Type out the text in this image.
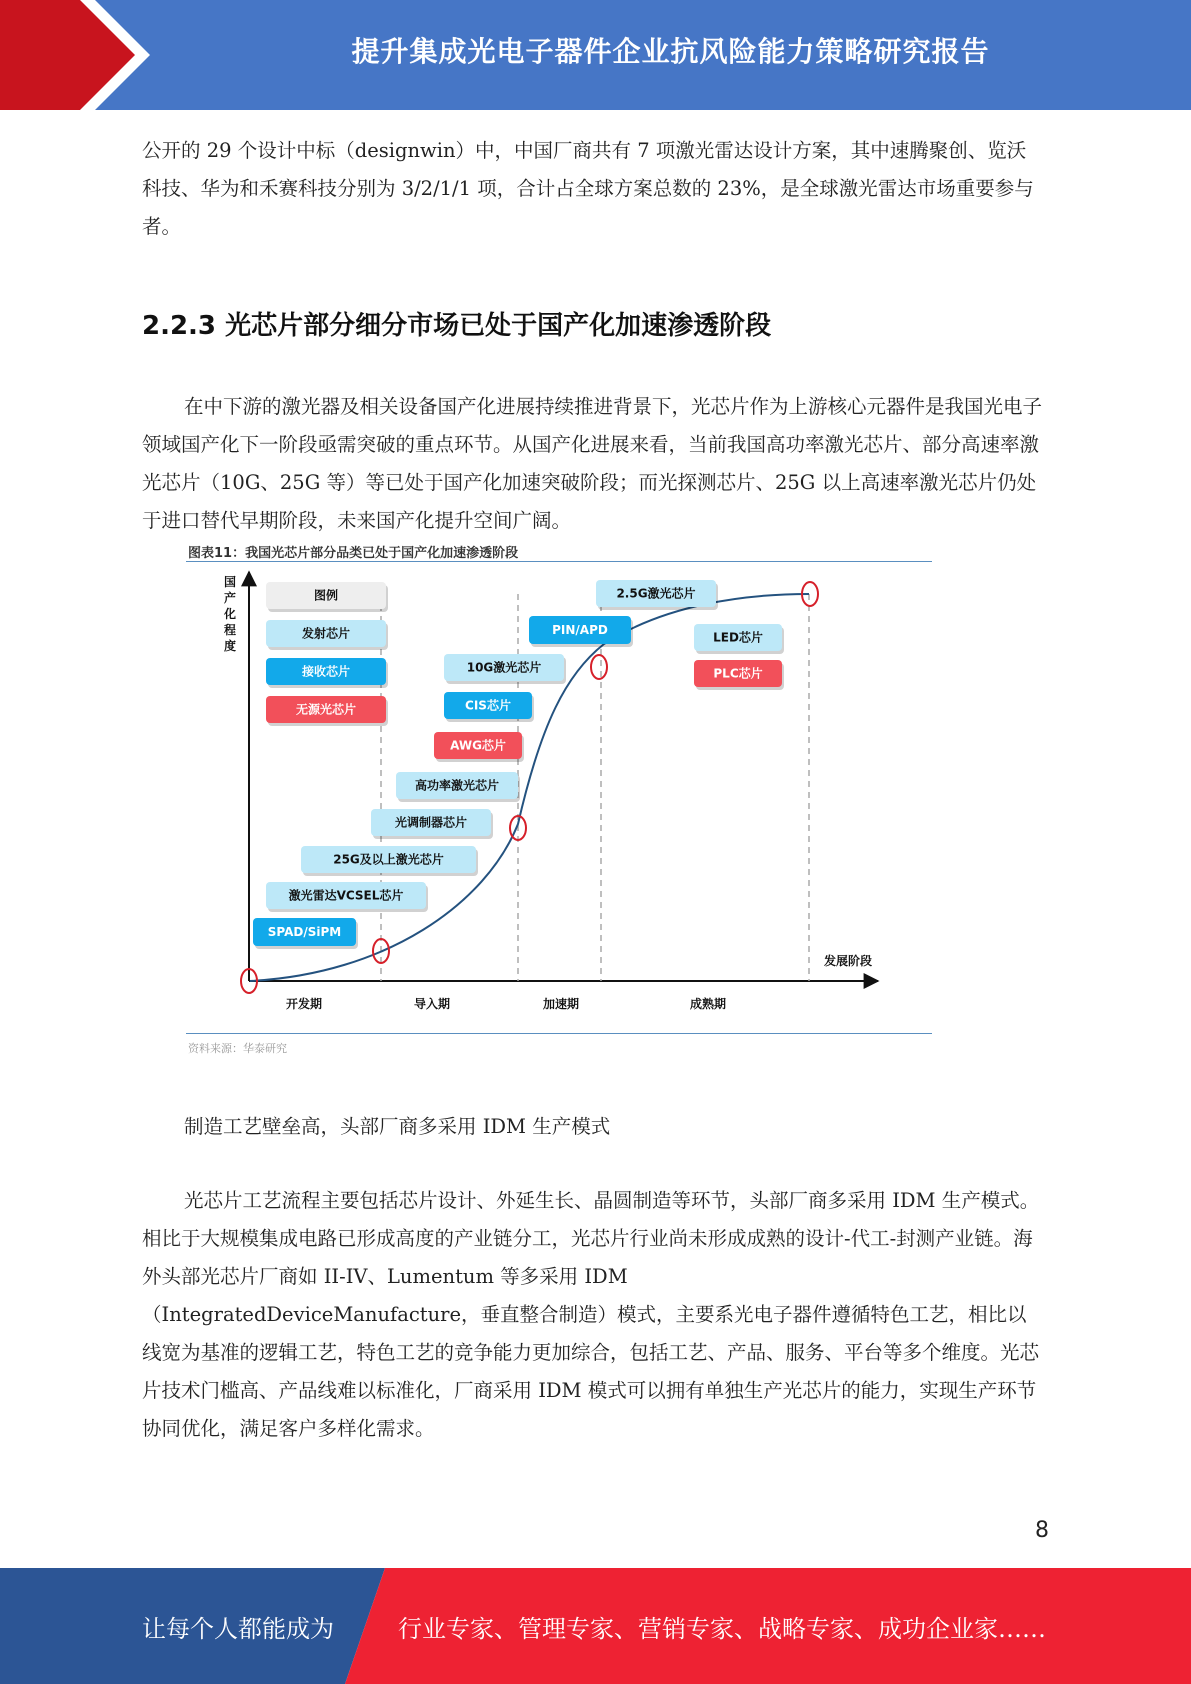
提升集成光电子器件企业抗风险能力策略研究报告

公开的 29 个设计中标（designwin）中，中国厂商共有 7 项激光雷达设计方案，其中速腾聚创、览沃科技、华为和禾赛科技分别为 3/2/1/1 项，合计占全球方案总数的 23%，是全球激光雷达市场重要参与者。

2.2.3 光芯片部分细分市场已处于国产化加速渗透阶段

在中下游的激光器及相关设备国产化进展持续推进背景下，光芯片作为上游核心元器件是我国光电子领域国产化下一阶段亟需突破的重点环节。从国产化进展来看，当前我国高功率激光芯片、部分高速率激光芯片（10G、25G 等）等已处于国产化加速突破阶段；而光探测芯片、25G 以上高速率激光芯片仍处于进口替代早期阶段，未来国产化提升空间广阔。

图表11：我国光芯片部分品类已处于国产化加速渗透阶段
国
产
化
程
度
发展阶段
开发期	导入期	加速期	成熟期
图例
发射芯片
接收芯片
无源光芯片
SPAD/SiPM
激光雷达VCSEL芯片
25G及以上激光芯片
光调制器芯片
高功率激光芯片
AWG芯片
CIS芯片
10G激光芯片
PIN/APD
2.5G激光芯片
LED芯片
PLC芯片
资料来源：华泰研究

制造工艺壁垒高，头部厂商多采用 IDM 生产模式

光芯片工艺流程主要包括芯片设计、外延生长、晶圆制造等环节，头部厂商多采用 IDM 生产模式。相比于大规模集成电路已形成高度的产业链分工，光芯片行业尚未形成成熟的设计-代工-封测产业链。海外头部光芯片厂商如 II-IV、Lumentum 等多采用 IDM

（IntegratedDeviceManufacture，垂直整合制造）模式，主要系光电子器件遵循特色工艺，相比以线宽为基准的逻辑工艺，特色工艺的竞争能力更加综合，包括工艺、产品、服务、平台等多个维度。光芯片技术门槛高、产品线难以标准化，厂商采用 IDM 模式可以拥有单独生产光芯片的能力，实现生产环节协同优化，满足客户多样化需求。

8
让每个人都能成为	行业专家、管理专家、营销专家、战略专家、成功企业家……
